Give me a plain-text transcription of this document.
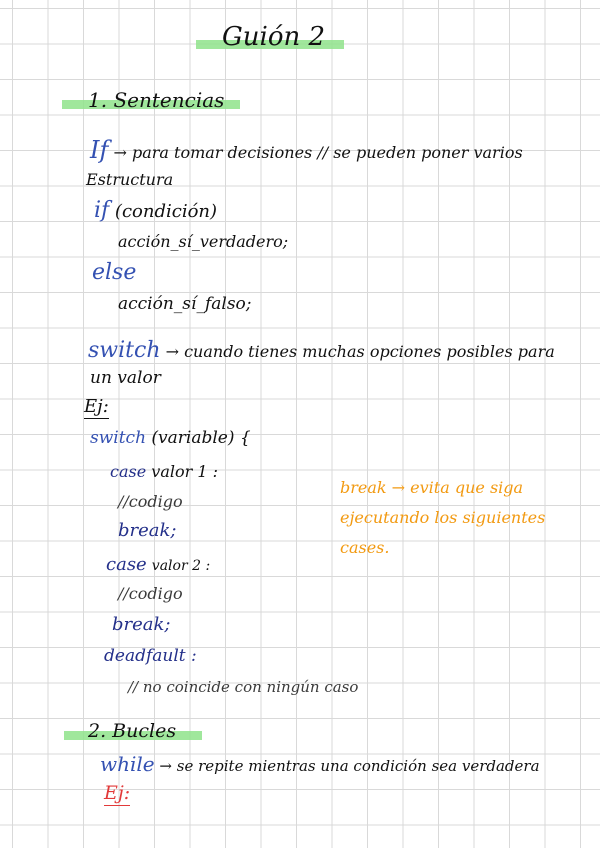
Guión 2
1. Sentencias
If → para tomar decisiones // se pueden poner varios
Estructura
if (condición)
acción_sí_verdadero;
else
acción_sí_falso;
switch → cuando tienes muchas opciones posibles para
un valor
Ej:
switch (variable) {
case valor 1 :
//codigo
break;
case valor 2 :
//codigo
break;
deadfault :
// no coincide con ningún caso
break → evita que siga
ejecutando los siguientes
cases.
2. Bucles
while → se repite mientras una condición sea verdadera
Ej:
